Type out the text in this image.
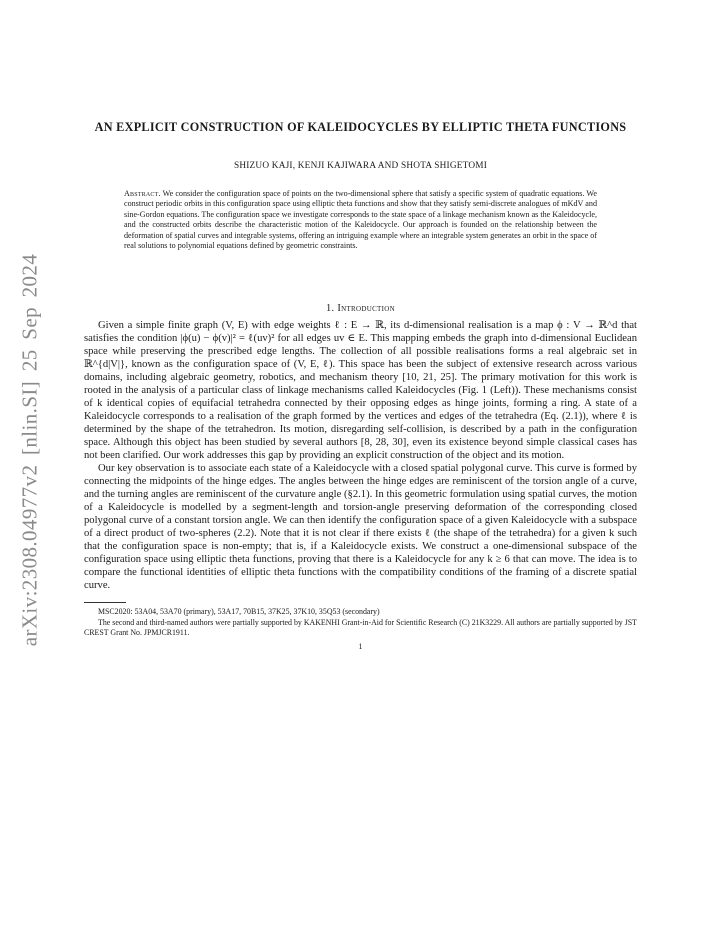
arXiv:2308.04977v2 [nlin.SI] 25 Sep 2024
AN EXPLICIT CONSTRUCTION OF KALEIDOCYCLES BY ELLIPTIC THETA FUNCTIONS
SHIZUO KAJI, KENJI KAJIWARA AND SHOTA SHIGETOMI
Abstract. We consider the configuration space of points on the two-dimensional sphere that satisfy a specific system of quadratic equations. We construct periodic orbits in this configuration space using elliptic theta functions and show that they satisfy semi-discrete analogues of mKdV and sine-Gordon equations. The configuration space we investigate corresponds to the state space of a linkage mechanism known as the Kaleidocycle, and the constructed orbits describe the characteristic motion of the Kaleidocycle. Our approach is founded on the relationship between the deformation of spatial curves and integrable systems, offering an intriguing example where an integrable system generates an orbit in the space of real solutions to polynomial equations defined by geometric constraints.
1. Introduction

Given a simple finite graph (V, E) with edge weights ℓ : E → ℝ, its d-dimensional realisation is a map ϕ : V → ℝ^d that satisfies the condition |ϕ(u) − ϕ(v)|² = ℓ(uv)² for all edges uv ∈ E. This mapping embeds the graph into d-dimensional Euclidean space while preserving the prescribed edge lengths. The collection of all possible realisations forms a real algebraic set in ℝ^{d|V|}, known as the configuration space of (V, E, ℓ). This space has been the subject of extensive research across various domains, including algebraic geometry, robotics, and mechanism theory [10, 21, 25]. The primary motivation for this work is rooted in the analysis of a particular class of linkage mechanisms called Kaleidocycles (Fig. 1 (Left)). These mechanisms consist of k identical copies of equifacial tetrahedra connected by their opposing edges as hinge joints, forming a ring. A state of a Kaleidocycle corresponds to a realisation of the graph formed by the vertices and edges of the tetrahedra (Eq. (2.1)), where ℓ is determined by the shape of the tetrahedron. Its motion, disregarding self-collision, is described by a path in the configuration space. Although this object has been studied by several authors [8, 28, 30], even its existence beyond simple classical cases has not been clarified. Our work addresses this gap by providing an explicit construction of the object and its motion.

Our key observation is to associate each state of a Kaleidocycle with a closed spatial polygonal curve. This curve is formed by connecting the midpoints of the hinge edges. The angles between the hinge edges are reminiscent of the torsion angle of a curve, and the turning angles are reminiscent of the curvature angle (§2.1). In this geometric formulation using spatial curves, the motion of a Kaleidocycle is modelled by a segment-length and torsion-angle preserving deformation of the corresponding closed polygonal curve of a constant torsion angle. We can then identify the configuration space of a given Kaleidocycle with a subspace of a direct product of two-spheres (2.2). Note that it is not clear if there exists ℓ (the shape of the tetrahedra) for a given k such that the configuration space is non-empty; that is, if a Kaleidocycle exists. We construct a one-dimensional subspace of the configuration space using elliptic theta functions, proving that there is a Kaleidocycle for any k ≥ 6 that can move. The idea is to compare the functional identities of elliptic theta functions with the compatibility conditions of the framing of a discrete spatial curve.

MSC2020: 53A04, 53A70 (primary), 53A17, 70B15, 37K25, 37K10, 35Q53 (secondary)

The second and third-named authors were partially supported by KAKENHI Grant-in-Aid for Scientific Research (C) 21K3229. All authors are partially supported by JST CREST Grant No. JPMJCR1911.

1
